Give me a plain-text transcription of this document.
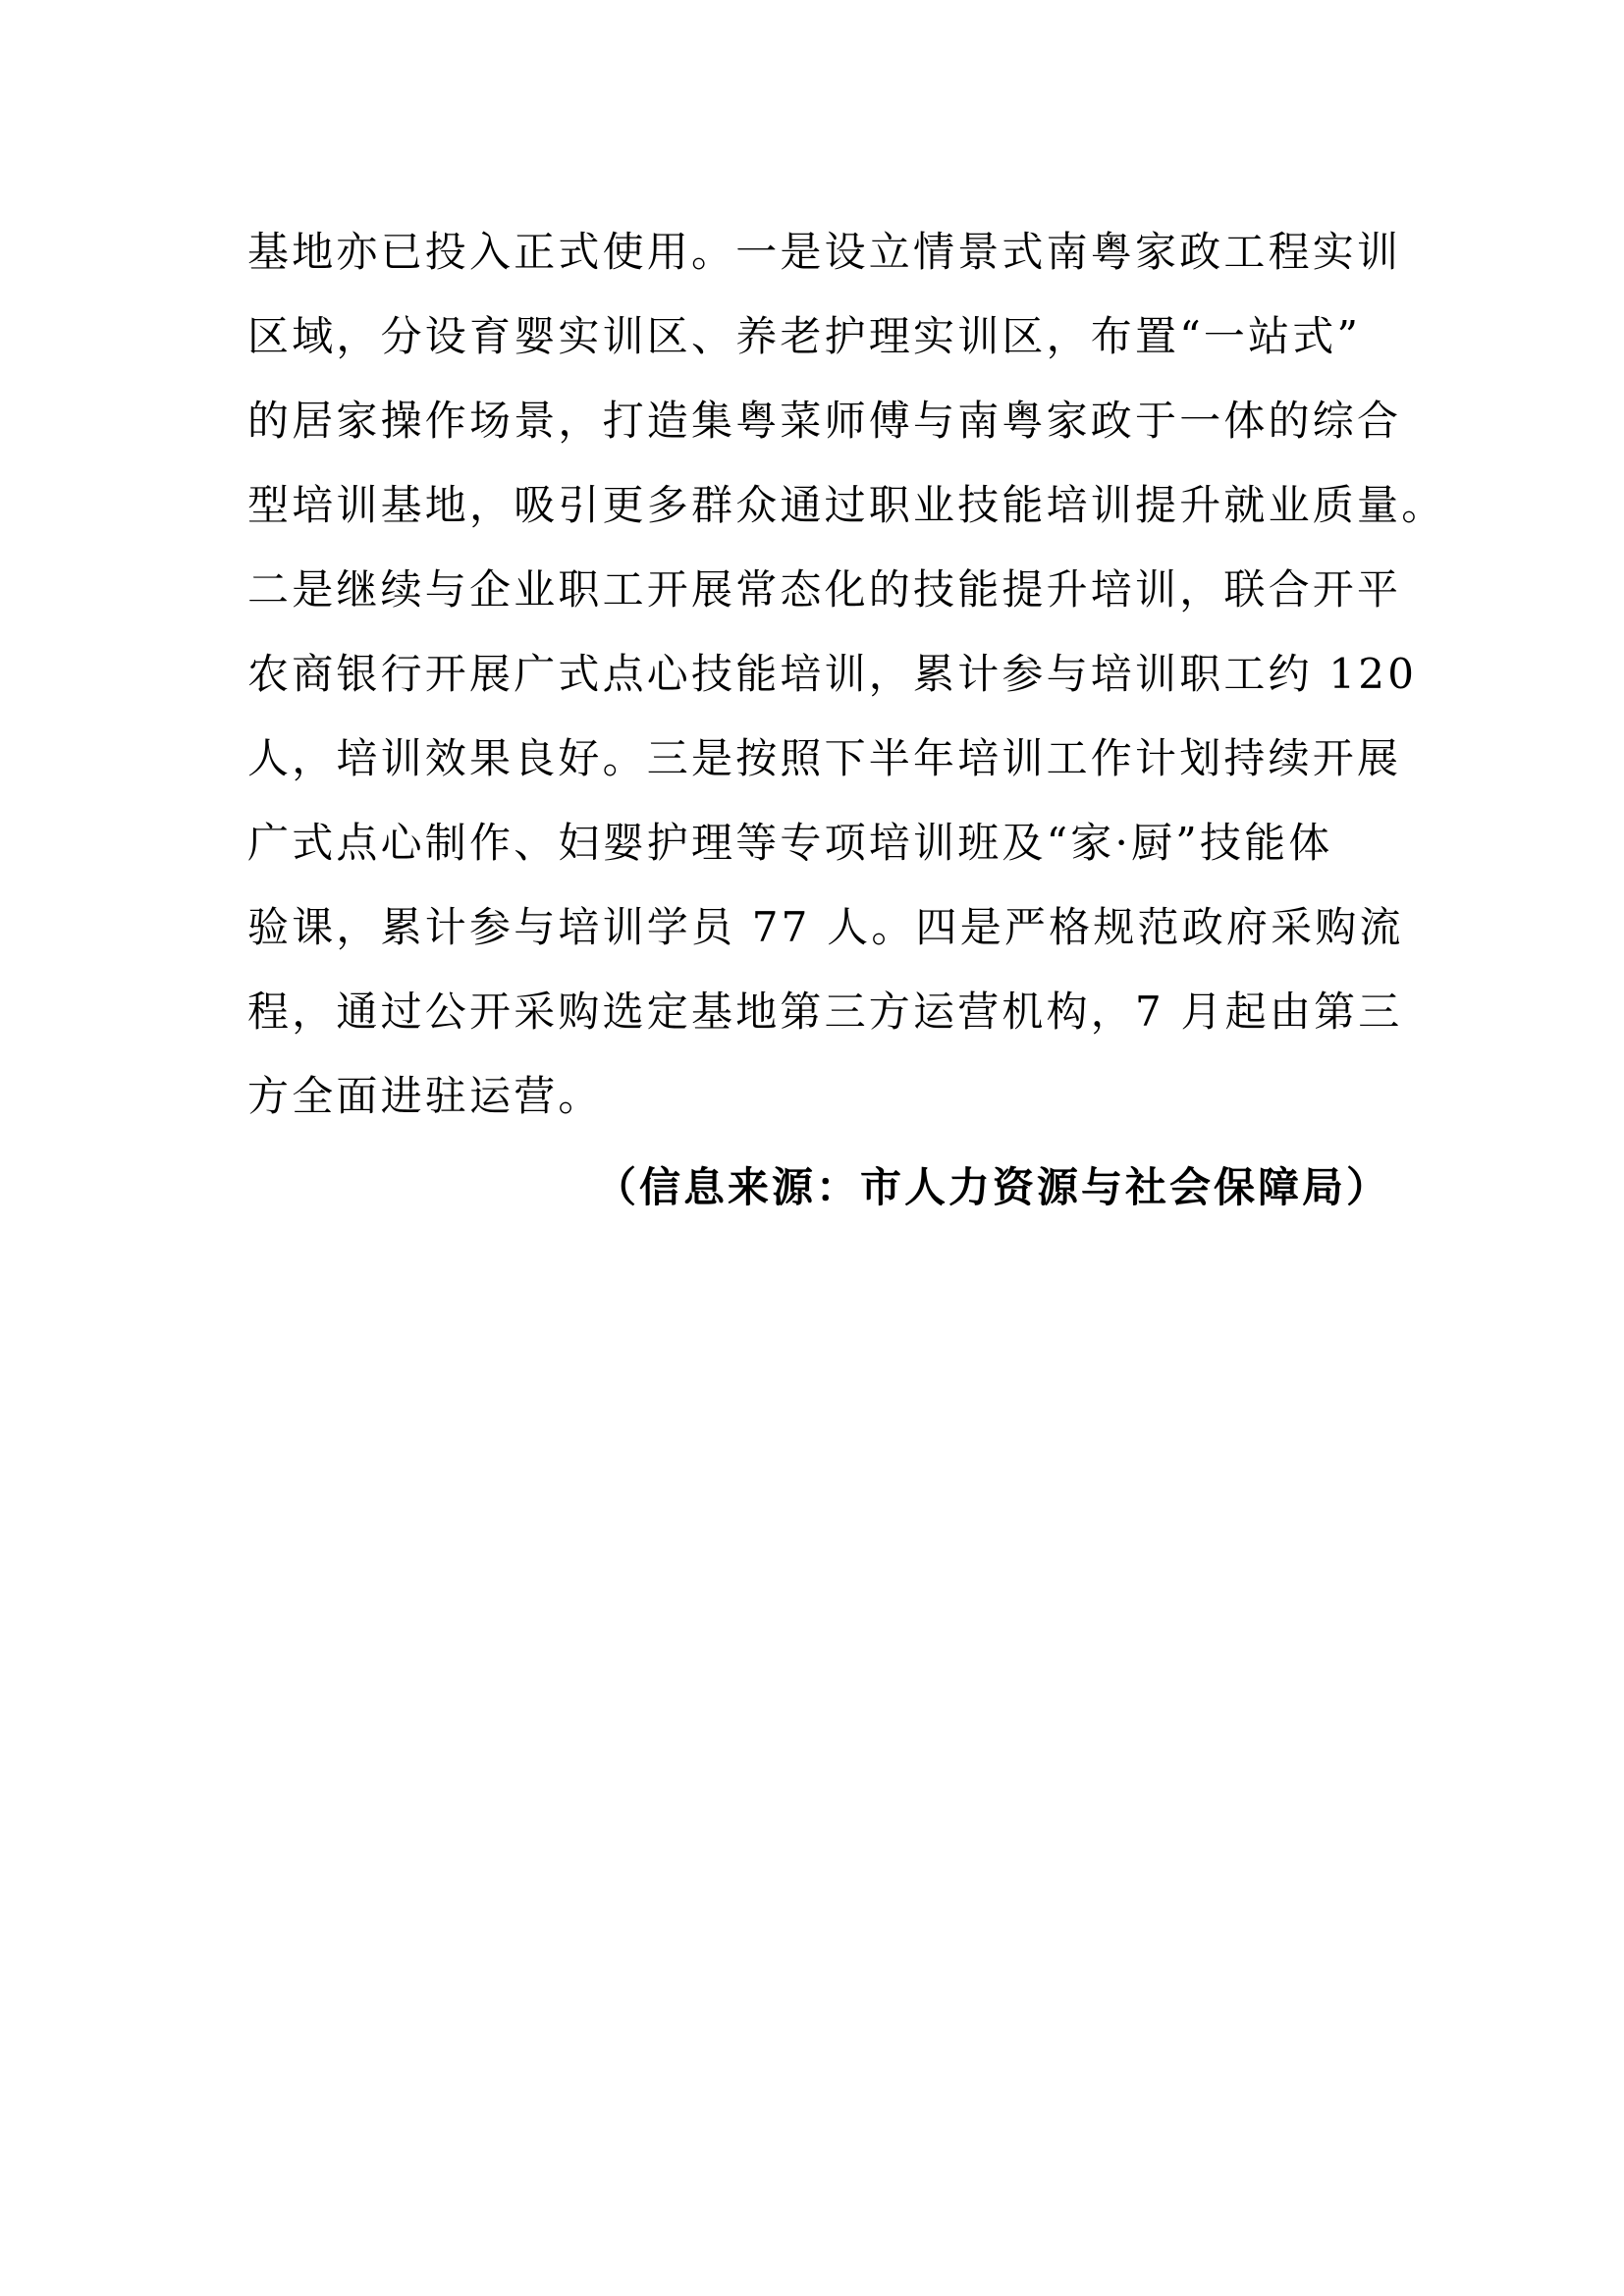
基地亦已投入正式使用。一是设立情景式南粤家政工程实训
区域，分设育婴实训区、养老护理实训区，布置“一站式”
的居家操作场景，打造集粤菜师傅与南粤家政于一体的综合
型培训基地，吸引更多群众通过职业技能培训提升就业质量。
二是继续与企业职工开展常态化的技能提升培训，联合开平
农商银行开展广式点心技能培训，累计参与培训职工约 120
人，培训效果良好。三是按照下半年培训工作计划持续开展
广式点心制作、妇婴护理等专项培训班及“家·厨”技能体
验课，累计参与培训学员 77 人。四是严格规范政府采购流
程，通过公开采购选定基地第三方运营机构，7 月起由第三
方全面进驻运营。
（信息来源：市人力资源与社会保障局）
